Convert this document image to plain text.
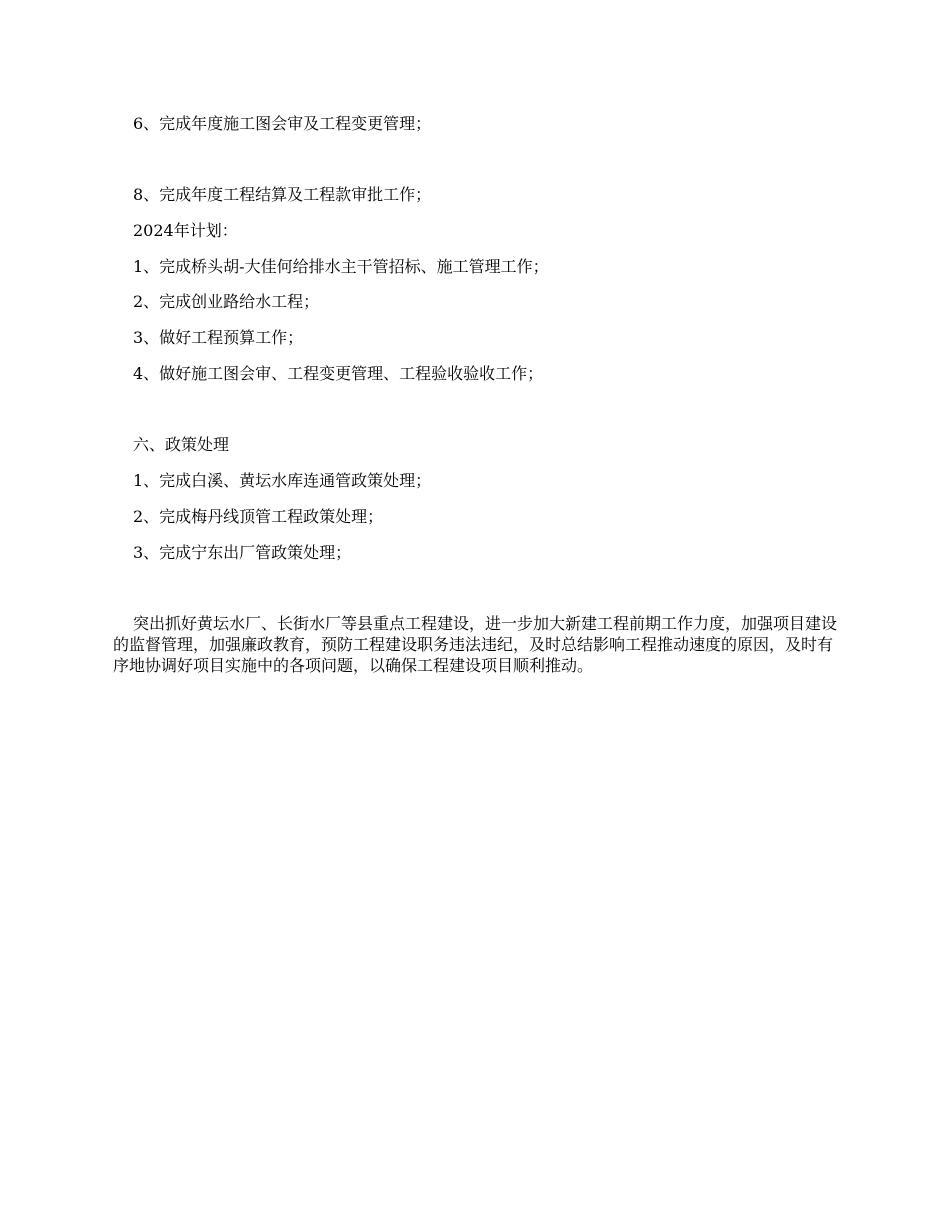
6、完成年度施工图会审及工程变更管理；
8、完成年度工程结算及工程款审批工作；
2024年计划：
1、完成桥头胡-大佳何给排水主干管招标、施工管理工作；
2、完成创业路给水工程；
3、做好工程预算工作；
4、做好施工图会审、工程变更管理、工程验收验收工作；
六、政策处理
1、完成白溪、黄坛水库连通管政策处理；
2、完成梅丹线顶管工程政策处理；
3、完成宁东出厂管政策处理；
突出抓好黄坛水厂、长街水厂等县重点工程建设，进一步加大新建工程前期工作力度，加强项目建设的监督管理，加强廉政教育，预防工程建设职务违法违纪，及时总结影响工程推动速度的原因，及时有序地协调好项目实施中的各项问题，以确保工程建设项目顺利推动。
